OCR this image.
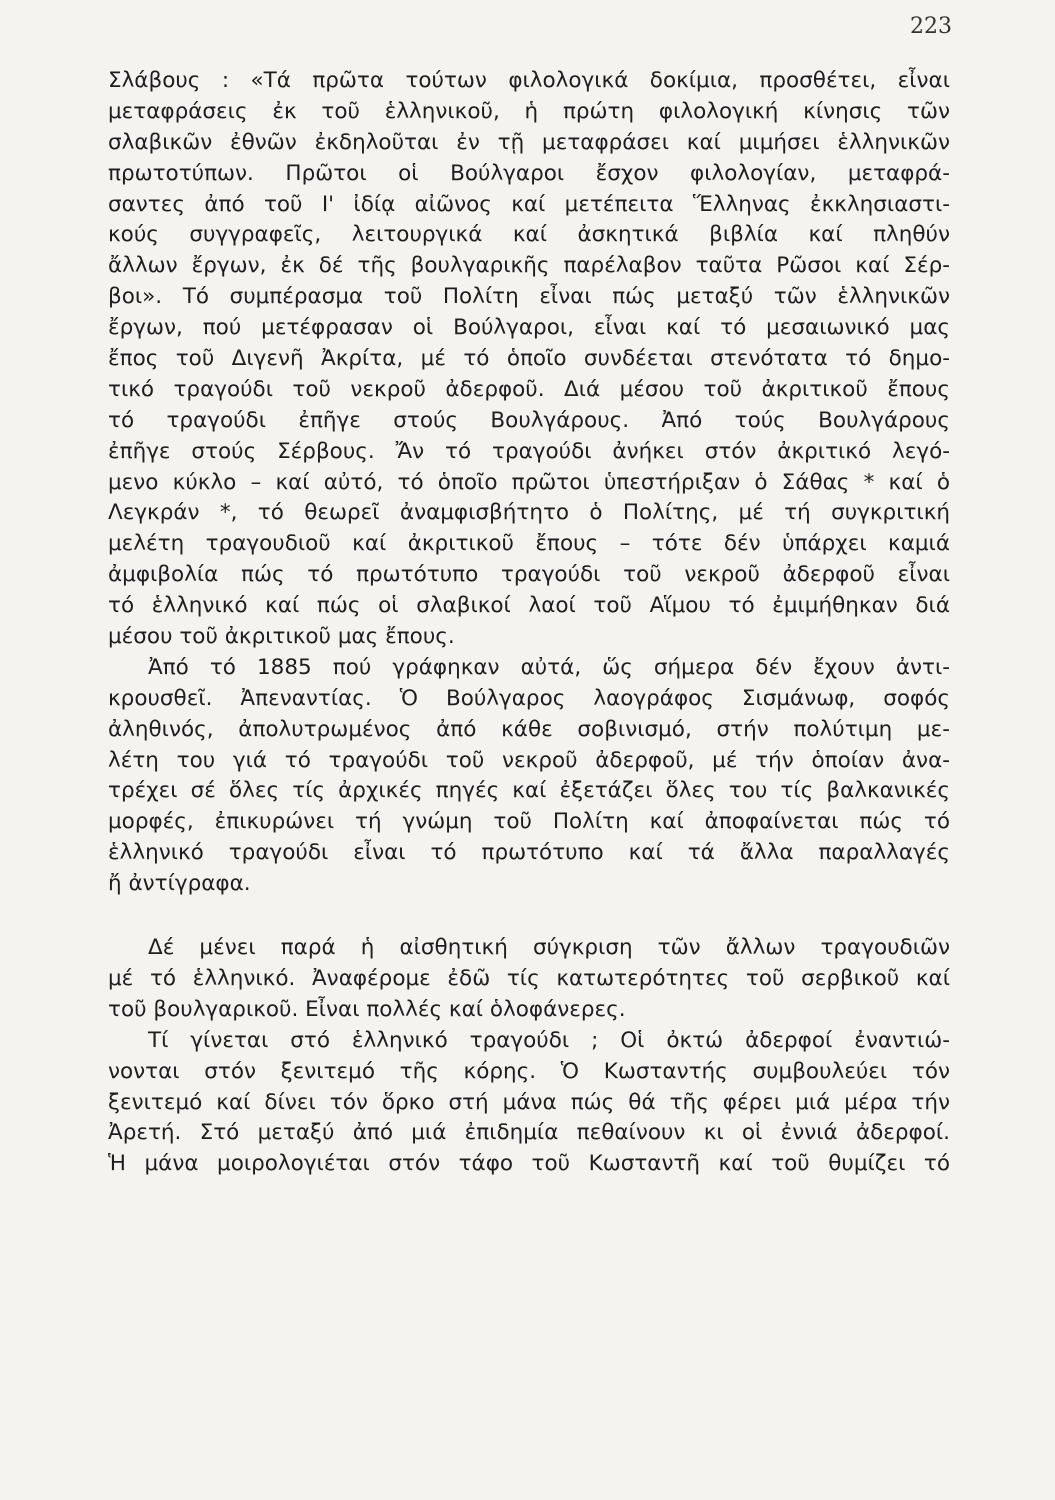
223
Σλάβους : «Τά πρῶτα τούτων φιλολογικά δοκίμια, προσθέτει, εἶναι
μεταφράσεις ἐκ τοῦ ἑλληνικοῦ, ἡ πρώτη φιλολογική κίνησις τῶν
σλαβικῶν ἐθνῶν ἐκδηλοῦται ἐν τῇ μεταφράσει καί μιμήσει ἑλληνικῶν
πρωτοτύπων. Πρῶτοι οἱ Βούλγαροι ἔσχον φιλολογίαν, μεταφρά-
σαντες ἀπό τοῦ Ι' ἰδίᾳ αἰῶνος καί μετέπειτα Ἕλληνας ἐκκλησιαστι-
κούς συγγραφεῖς, λειτουργικά καί ἀσκητικά βιβλία καί πληθύν
ἄλλων ἔργων, ἐκ δέ τῆς βουλγαρικῆς παρέλαβον ταῦτα Ρῶσοι καί Σέρ-
βοι». Τό συμπέρασμα τοῦ Πολίτη εἶναι πώς μεταξύ τῶν ἑλληνικῶν
ἔργων, πού μετέφρασαν οἱ Βούλγαροι, εἶναι καί τό μεσαιωνικό μας
ἔπος τοῦ Διγενῆ Ἀκρίτα, μέ τό ὁποῖο συνδέεται στενότατα τό δημο-
τικό τραγούδι τοῦ νεκροῦ ἀδερφοῦ. Διά μέσου τοῦ ἀκριτικοῦ ἔπους
τό τραγούδι ἐπῆγε στούς Βουλγάρους. Ἀπό τούς Βουλγάρους
ἐπῆγε στούς Σέρβους. Ἄν τό τραγούδι ἀνήκει στόν ἀκριτικό λεγό-
μενο κύκλο – καί αὐτό, τό ὁποῖο πρῶτοι ὑπεστήριξαν ὁ Σάθας * καί ὁ
Λεγκράν *, τό θεωρεῖ ἀναμφισβήτητο ὁ Πολίτης, μέ τή συγκριτική
μελέτη τραγουδιοῦ καί ἀκριτικοῦ ἔπους – τότε δέν ὑπάρχει καμιά
ἀμφιβολία πώς τό πρωτότυπο τραγούδι τοῦ νεκροῦ ἀδερφοῦ εἶναι
τό ἑλληνικό καί πώς οἱ σλαβικοί λαοί τοῦ Αἵμου τό ἐμιμήθηκαν διά
μέσου τοῦ ἀκριτικοῦ μας ἔπους.
Ἀπό τό 1885 πού γράφηκαν αὐτά, ὥς σήμερα δέν ἔχουν ἀντι-
κρουσθεῖ. Ἀπεναντίας. Ὁ Βούλγαρος λαογράφος Σισμάνωφ, σοφός
ἀληθινός, ἀπολυτρωμένος ἀπό κάθε σοβινισμό, στήν πολύτιμη με-
λέτη του γιά τό τραγούδι τοῦ νεκροῦ ἀδερφοῦ, μέ τήν ὁποίαν ἀνα-
τρέχει σέ ὅλες τίς ἀρχικές πηγές καί ἐξετάζει ὅλες του τίς βαλκανικές
μορφές, ἐπικυρώνει τή γνώμη τοῦ Πολίτη καί ἀποφαίνεται πώς τό
ἑλληνικό τραγούδι εἶναι τό πρωτότυπο καί τά ἄλλα παραλλαγές
ἤ ἀντίγραφα.
Δέ μένει παρά ἡ αἰσθητική σύγκριση τῶν ἄλλων τραγουδιῶν
μέ τό ἑλληνικό. Ἀναφέρομε ἐδῶ τίς κατωτερότητες τοῦ σερβικοῦ καί
τοῦ βουλγαρικοῦ. Εἶναι πολλές καί ὁλοφάνερες.
Τί γίνεται στό ἑλληνικό τραγούδι ; Οἱ ὀκτώ ἀδερφοί ἐναντιώ-
νονται στόν ξενιτεμό τῆς κόρης. Ὁ Κωσταντής συμβουλεύει τόν
ξενιτεμό καί δίνει τόν ὅρκο στή μάνα πώς θά τῆς φέρει μιά μέρα τήν
Ἀρετή. Στό μεταξύ ἀπό μιά ἐπιδημία πεθαίνουν κι οἱ ἐννιά ἀδερφοί.
Ἡ μάνα μοιρολογιέται στόν τάφο τοῦ Κωσταντῆ καί τοῦ θυμίζει τό
